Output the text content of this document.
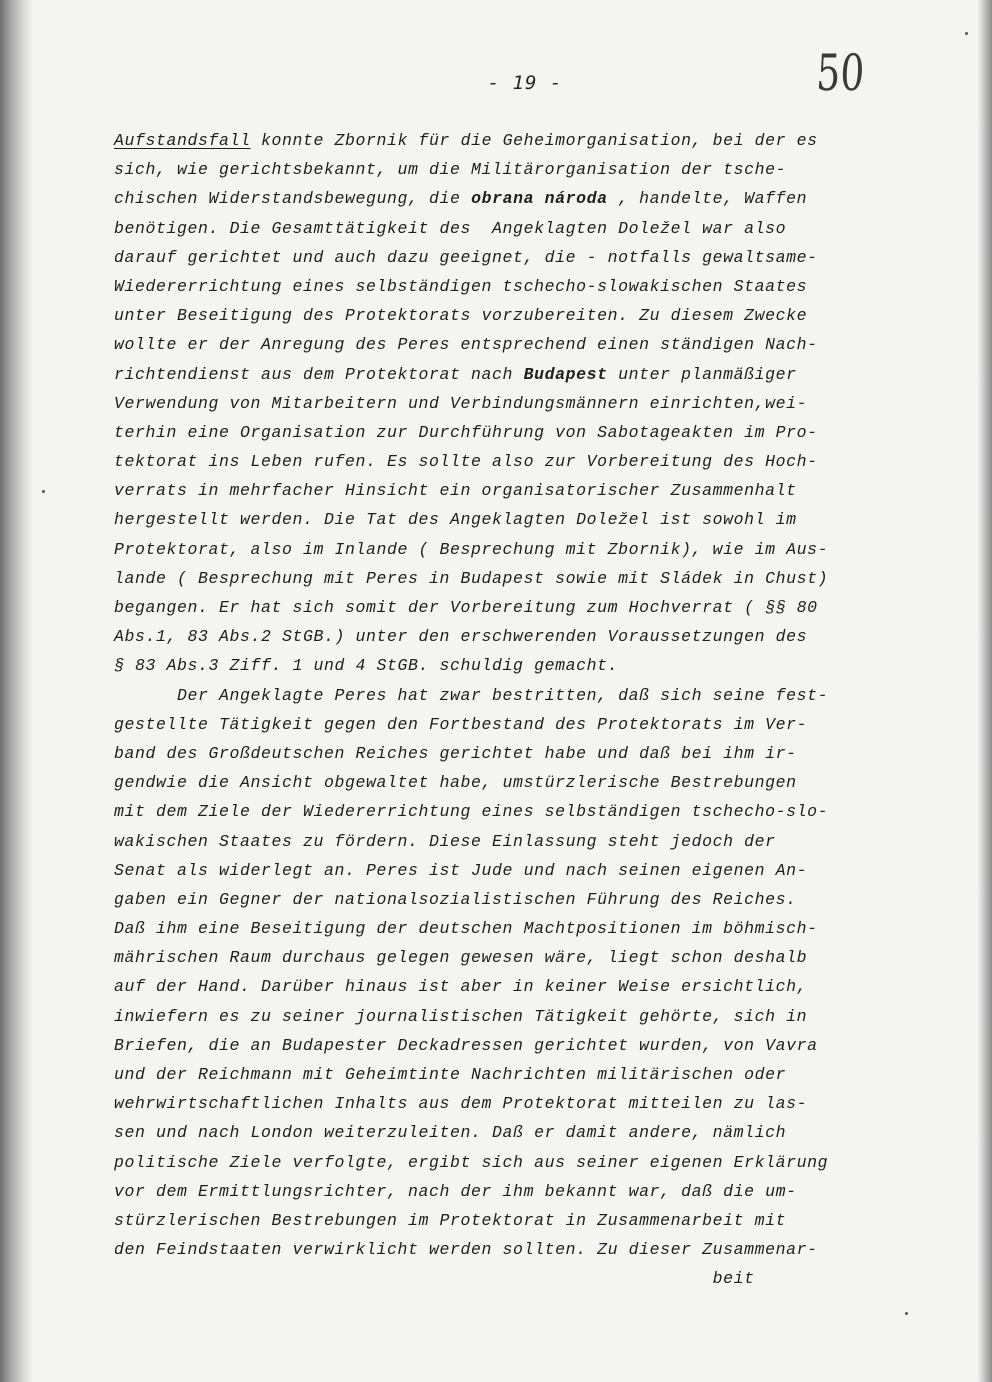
- 19 -	50
Aufstandsfall konnte Zbornik für die Geheimorganisation, bei der es
sich, wie gerichtsbekannt, um die Militärorganisation der tsche-
chischen Widerstandsbewegung, die obrana národa , handelte, Waffen
benötigen. Die Gesamttätigkeit des  Angeklagten Doležel war also
darauf gerichtet und auch dazu geeignet, die - notfalls gewaltsame-
Wiedererrichtung eines selbständigen tschecho-slowakischen Staates
unter Beseitigung des Protektorats vorzubereiten. Zu diesem Zwecke
wollte er der Anregung des Peres entsprechend einen ständigen Nach-
richtendienst aus dem Protektorat nach Budapest unter planmäßiger
Verwendung von Mitarbeitern und Verbindungsmännern einrichten,wei-
terhin eine Organisation zur Durchführung von Sabotageakten im Pro-
tektorat ins Leben rufen. Es sollte also zur Vorbereitung des Hoch-
verrats in mehrfacher Hinsicht ein organisatorischer Zusammenhalt
hergestellt werden. Die Tat des Angeklagten Doležel ist sowohl im
Protektorat, also im Inlande ( Besprechung mit Zbornik), wie im Aus-
lande ( Besprechung mit Peres in Budapest sowie mit Sládek in Chust)
begangen. Er hat sich somit der Vorbereitung zum Hochverrat ( §§ 80
Abs.1, 83 Abs.2 StGB.) unter den erschwerenden Voraussetzungen des
§ 83 Abs.3 Ziff. 1 und 4 StGB. schuldig gemacht.
Der Angeklagte Peres hat zwar bestritten, daß sich seine fest-
gestellte Tätigkeit gegen den Fortbestand des Protektorats im Ver-
band des Großdeutschen Reiches gerichtet habe und daß bei ihm ir-
gendwie die Ansicht obgewaltet habe, umstürzlerische Bestrebungen
mit dem Ziele der Wiedererrichtung eines selbständigen tschecho-slo-
wakischen Staates zu fördern. Diese Einlassung steht jedoch der
Senat als widerlegt an. Peres ist Jude und nach seinen eigenen An-
gaben ein Gegner der nationalsozialistischen Führung des Reiches.
Daß ihm eine Beseitigung der deutschen Machtpositionen im böhmisch-
mährischen Raum durchaus gelegen gewesen wäre, liegt schon deshalb
auf der Hand. Darüber hinaus ist aber in keiner Weise ersichtlich,
inwiefern es zu seiner journalistischen Tätigkeit gehörte, sich in
Briefen, die an Budapester Deckadressen gerichtet wurden, von Vavra
und der Reichmann mit Geheimtinte Nachrichten militärischen oder
wehrwirtschaftlichen Inhalts aus dem Protektorat mitteilen zu las-
sen und nach London weiterzuleiten. Daß er damit andere, nämlich
politische Ziele verfolgte, ergibt sich aus seiner eigenen Erklärung
vor dem Ermittlungsrichter, nach der ihm bekannt war, daß die um-
stürzlerischen Bestrebungen im Protektorat in Zusammenarbeit mit
den Feindstaaten verwirklicht werden sollten. Zu dieser Zusammenar-
beit
